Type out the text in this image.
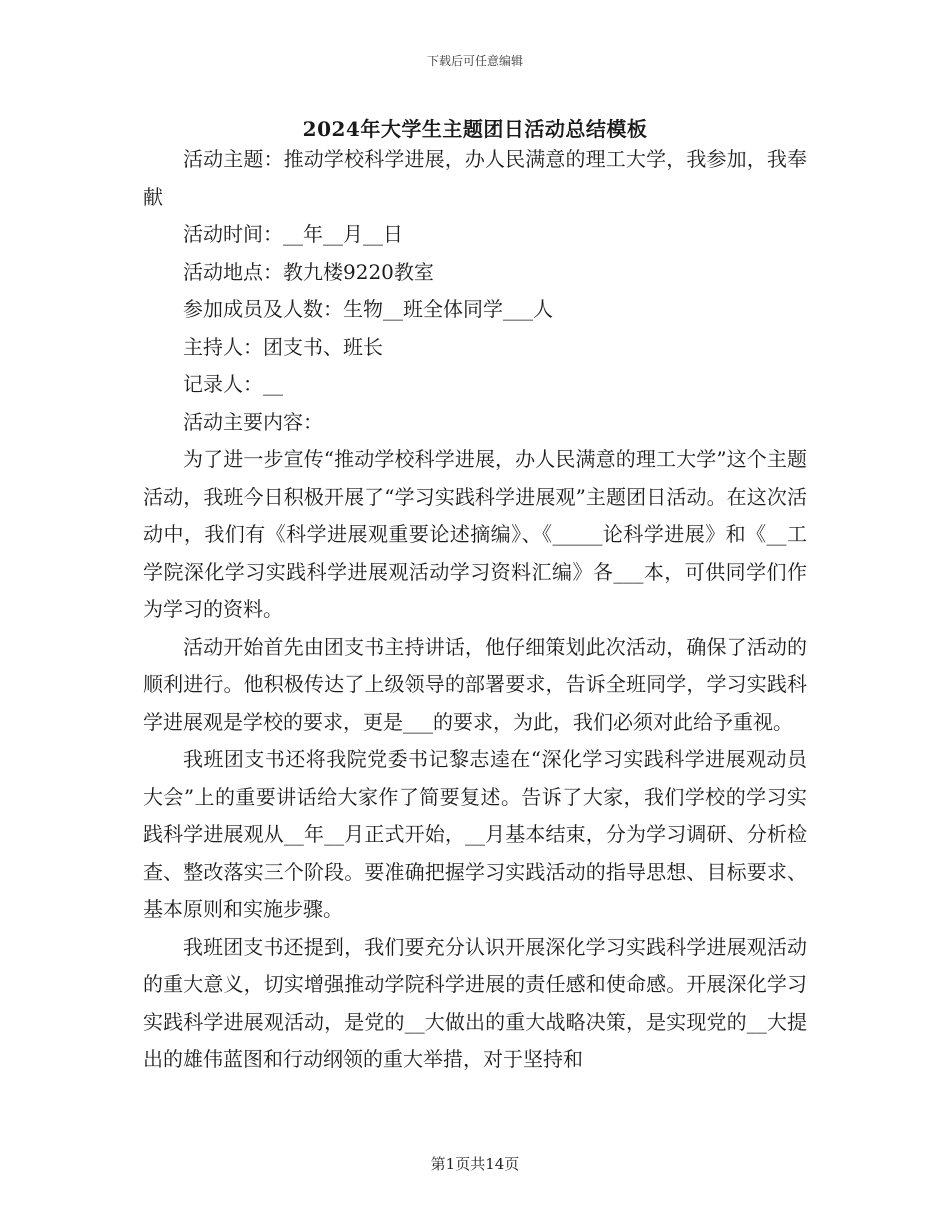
下载后可任意编辑
2024年大学生主题团日活动总结模板

活动主题：推动学校科学进展，办人民满意的理工大学，我参加，我奉献

活动时间：__年__月__日

活动地点：教九楼9220教室

参加成员及人数：生物__班全体同学___人

主持人：团支书、班长

记录人：__

活动主要内容：

为了进一步宣传“推动学校科学进展，办人民满意的理工大学”这个主题活动，我班今日积极开展了“学习实践科学进展观”主题团日活动。在这次活动中，我们有《科学进展观重要论述摘编》、《_____论科学进展》和《__工学院深化学习实践科学进展观活动学习资料汇编》各___本，可供同学们作为学习的资料。

活动开始首先由团支书主持讲话，他仔细策划此次活动，确保了活动的顺利进行。他积极传达了上级领导的部署要求，告诉全班同学，学习实践科学进展观是学校的要求，更是___的要求，为此，我们必须对此给予重视。

我班团支书还将我院党委书记黎志逵在“深化学习实践科学进展观动员大会”上的重要讲话给大家作了简要复述。告诉了大家，我们学校的学习实践科学进展观从__年__月正式开始，__月基本结束，分为学习调研、分析检查、整改落实三个阶段。要准确把握学习实践活动的指导思想、目标要求、基本原则和实施步骤。

我班团支书还提到，我们要充分认识开展深化学习实践科学进展观活动的重大意义，切实增强推动学院科学进展的责任感和使命感。开展深化学习实践科学进展观活动，是党的__大做出的重大战略决策，是实现党的__大提出的雄伟蓝图和行动纲领的重大举措，对于坚持和

第1页共14页
